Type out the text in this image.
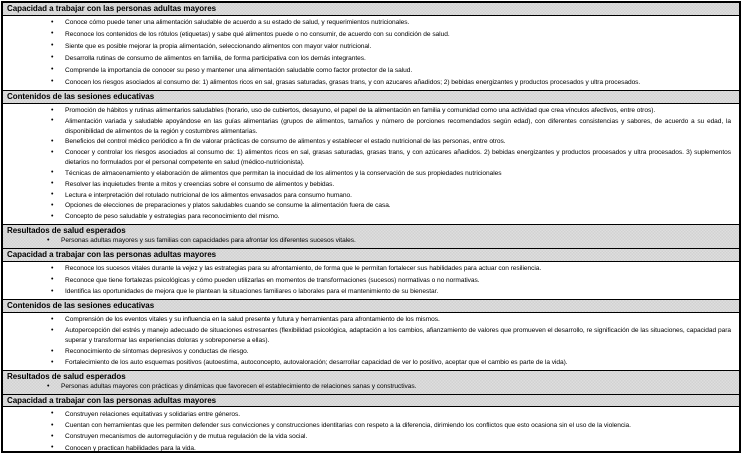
Capacidad a trabajar con las personas adultas mayores
• Conoce cómo puede tener una alimentación saludable de acuerdo a su estado de salud, y requerimientos nutricionales.
• Reconoce los contenidos de los rótulos (etiquetas) y sabe qué alimentos puede o no consumir, de acuerdo con su condición de salud.
• Siente que es posible mejorar la propia alimentación, seleccionando alimentos con mayor valor nutricional.
• Desarrolla rutinas de consumo de alimentos en familia, de forma participativa con los demás integrantes.
• Comprende la importancia de conocer su peso y mantener una alimentación saludable como factor protector de la salud.
• Conocen los riesgos asociados al consumo de: 1) alimentos ricos en sal, grasas saturadas, grasas trans, y con azucares añadidos; 2) bebidas energizantes y productos procesados y ultra procesados.
Contenidos de las sesiones educativas
• Promoción de hábitos y rutinas alimentarios saludables (horario, uso de cubiertos, desayuno, el papel de la alimentación en familia y comunidad como una actividad que crea vínculos afectivos, entre otros).
• Alimentación variada y saludable apoyándose en las guías alimentarias (grupos de alimentos, tamaños y número de porciones recomendados según edad), con diferentes consistencias y sabores, de acuerdo a su edad, la disponibilidad de alimentos de la región y costumbres alimentarias.
• Beneficios del control médico periódico a fin de valorar prácticas de consumo de alimentos y establecer el estado nutricional de las personas, entre otros.
• Conocer y controlar los riesgos asociados al consumo de: 1) alimentos ricos en sal, grasas saturadas, grasas trans, y con azúcares añadidos. 2) bebidas energizantes y productos procesados y ultra procesados. 3) suplementos dietarios no formulados por el personal competente en salud (médico-nutricionista).
• Técnicas de almacenamiento y elaboración de alimentos que permitan la inocuidad de los alimentos y la conservación de sus propiedades nutricionales
• Resolver las inquietudes frente a mitos y creencias sobre el consumo de alimentos y bebidas.
• Lectura e interpretación del rotulado nutricional de los alimentos envasados para consumo humano.
• Opciones de elecciones de preparaciones y platos saludables cuando se consume la alimentación fuera de casa.
• Concepto de peso saludable y estrategias para reconocimiento del mismo.
Resultados de salud esperados
• Personas adultas mayores y sus familias con capacidades para afrontar los diferentes sucesos vitales.
Capacidad a trabajar con las personas adultas mayores
• Reconoce los sucesos vitales durante la vejez y las estrategias para su afrontamiento, de forma que le permitan fortalecer sus habilidades para actuar con resiliencia.
• Reconoce que tiene fortalezas psicológicas y cómo pueden utilizarlas en momentos de transformaciones (sucesos) normativas o no normativas.
• Identifica las oportunidades de mejora que le plantean la situaciones familiares o laborales para el mantenimiento de su bienestar.
Contenidos de las sesiones educativas
• Comprensión de los eventos vitales y su influencia en la salud presente y futura y herramientas para afrontamiento de los mismos.
• Autopercepción del estrés y manejo adecuado de situaciones estresantes (flexibilidad psicológica, adaptación a los cambios, afianzamiento de valores que promueven el desarrollo, re significación de las situaciones, capacidad para superar y transformar las experiencias doloras y sobreponerse a ellas).
• Reconocimiento de síntomas depresivos y conductas de riesgo.
• Fortalecimiento de los auto esquemas positivos (autoestima, autoconcepto, autovaloración; desarrollar capacidad de ver lo positivo, aceptar que el cambio es parte de la vida).
Resultados de salud esperados
• Personas adultas mayores con prácticas y dinámicas que favorecen el establecimiento de relaciones sanas y constructivas.
Capacidad a trabajar con las personas adultas mayores
• Construyen relaciones equitativas y solidarias entre géneros.
• Cuentan con herramientas que les permiten defender sus convicciones y construcciones identitarias con respeto a la diferencia, dirimiendo los conflictos que esto ocasiona sin el uso de la violencia.
• Construyen mecanismos de autorregulación y de mutua regulación de la vida social.
• Conocen y practican habilidades para la vida.
